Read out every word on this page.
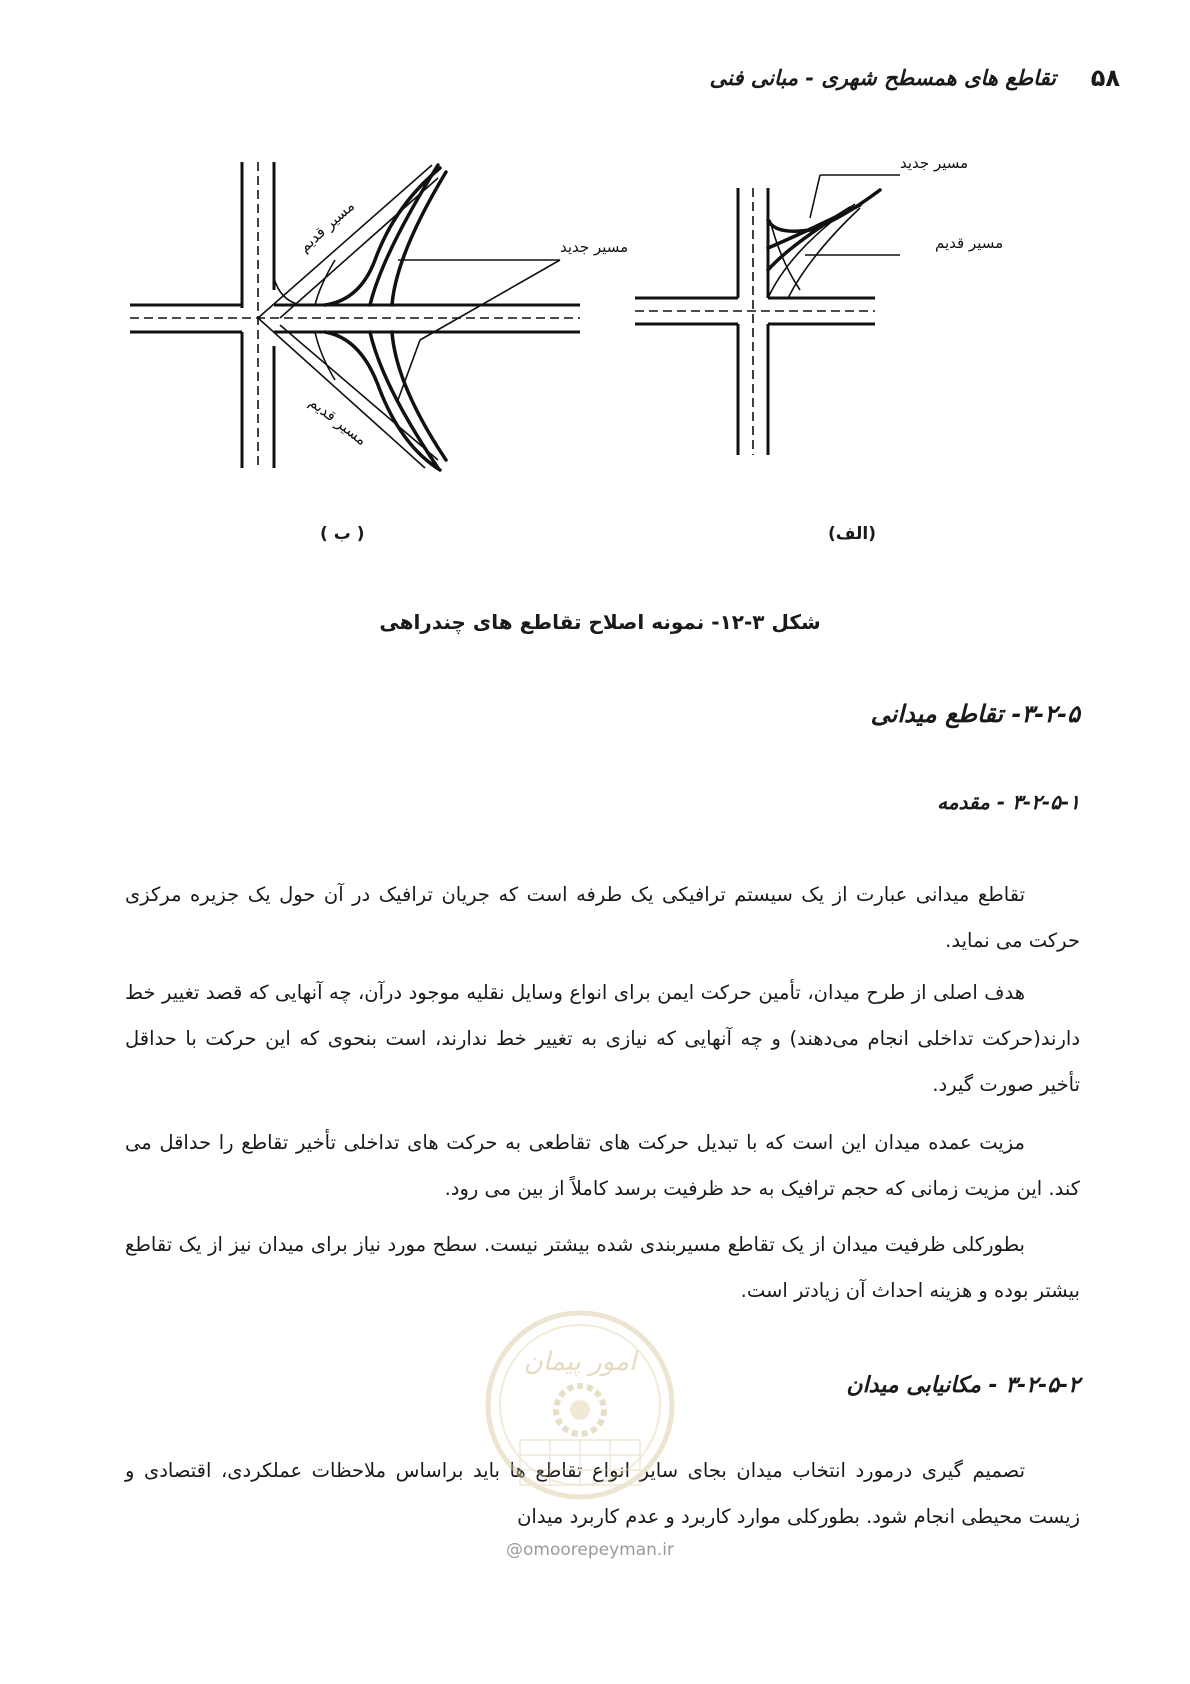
۵۸
تقاطع های همسطح شهری - مبانی فنی
مسیر جدید
مسیر قدیم
مسیر قدیم
مسیر جدید
مسیر قدیم
( ب )	(الف)
شکل ۳-۱۲- نمونه اصلاح تقاطع های چندراهی
۳-۲-۵- تقاطع میدانی
۳-۲-۵-۱ - مقدمه
تقاطع میدانی عبارت از یک سیستم ترافیکی یک طرفه است که جریان ترافیک در آن حول یک جزیره مرکزی حرکت می نماید.
هدف اصلی از طرح میدان، تأمین حرکت ایمن برای انواع وسایل نقلیه موجود درآن، چه آنهایی که قصد تغییر خط دارند(حرکت تداخلی انجام می‌دهند) و چه آنهایی که نیازی به تغییر خط ندارند، است بنحوی که این حرکت با حداقل تأخیر صورت گیرد.
مزیت عمده میدان این است که با تبدیل حرکت های تقاطعی به حرکت های تداخلی تأخیر تقاطع را حداقل می کند. این مزیت زمانی که حجم ترافیک به حد ظرفیت برسد کاملاً از بین می رود.
بطورکلی ظرفیت میدان از یک تقاطع مسیربندی شده بیشتر نیست. سطح مورد نیاز برای میدان نیز از یک تقاطع بیشتر بوده و هزینه احداث آن زیادتر است.
۳-۲-۵-۲ - مکانیابی میدان
تصمیم گیری درمورد انتخاب میدان بجای سایر انواع تقاطع ها باید براساس ملاحظات عملکردی، اقتصادی و زیست محیطی انجام شود. بطورکلی موارد کاربرد و عدم کاربرد میدان
امور پیمان
@omoorepeyman.ir
